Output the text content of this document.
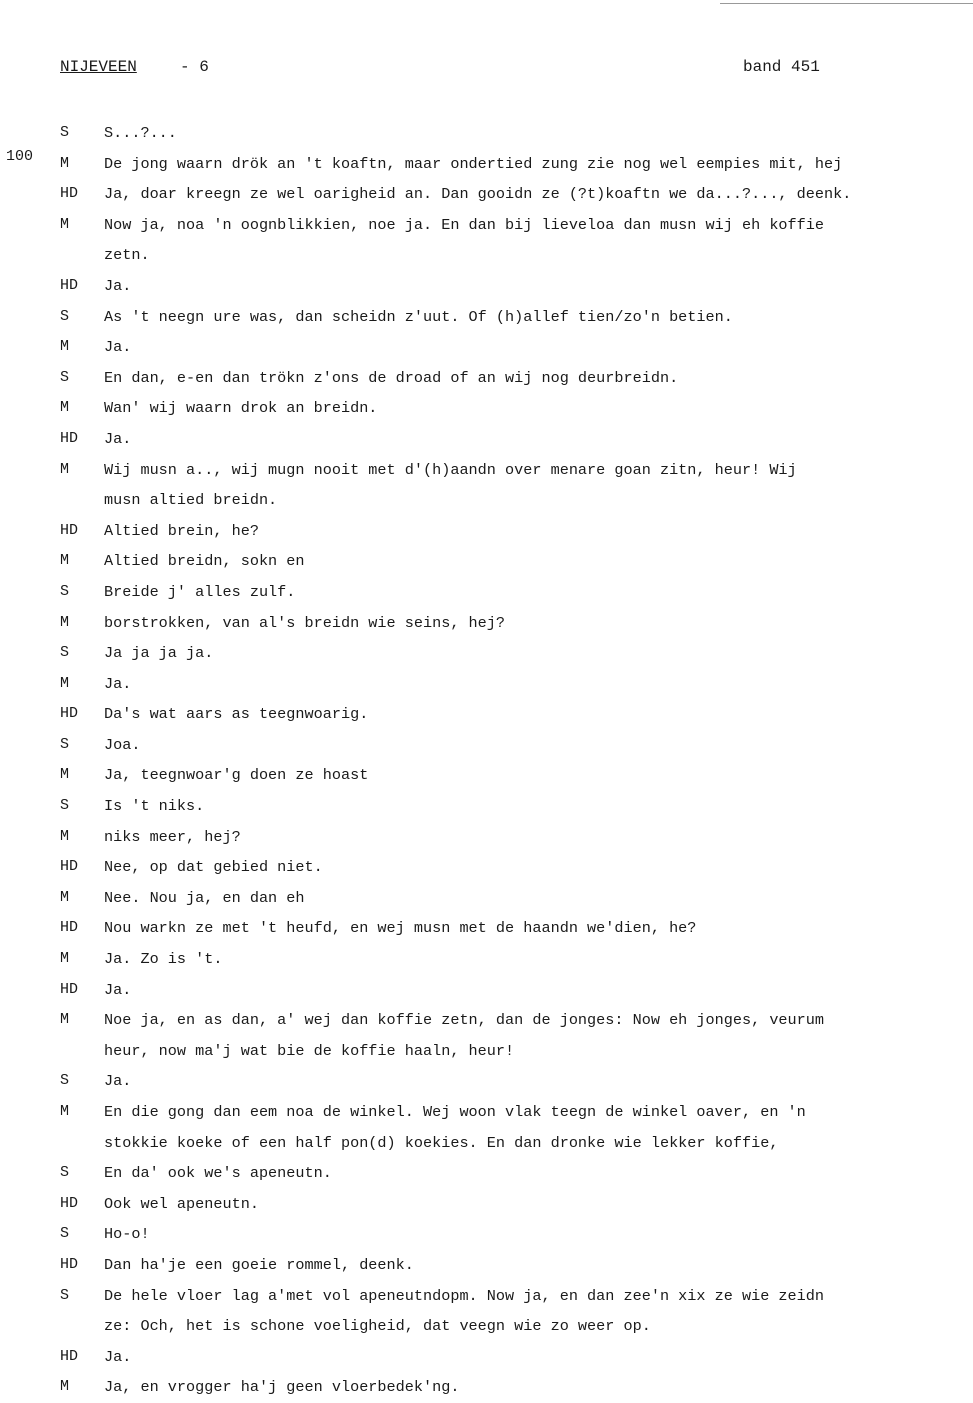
NIJEVEEN	- 6	band 451
100
S	S...?...
M	De jong waarn drök an 't koaftn, maar ondertied zung zie nog wel eempies mit, hej
HD	Ja, doar kreegn ze wel oarigheid an. Dan gooidn ze (?t)koaftn we da...?..., deenk.
M	Now ja, noa 'n oognblikkien, noe ja. En dan bij lieveloa dan musn wij eh koffie
zetn.
HD	Ja.
S	As 't neegn ure was, dan scheidn z'uut. Of (h)allef tien/zo'n betien.
M	Ja.
S	En dan, e-en dan trökn z'ons de droad of an wij nog deurbreidn.
M	Wan' wij waarn drok an breidn.
HD	Ja.
M	Wij musn a.., wij mugn nooit met d'(h)aandn over menare goan zitn, heur! Wij
musn altied breidn.
HD	Altied brein, he?
M	Altied breidn, sokn en
S	Breide j' alles zulf.
M	borstrokken, van al's breidn wie seins, hej?
S	Ja ja ja ja.
M	Ja.
HD	Da's wat aars as teegnwoarig.
S	Joa.
M	Ja, teegnwoar'g doen ze hoast
S	Is 't niks.
M	niks meer, hej?
HD	Nee, op dat gebied niet.
M	Nee. Nou ja, en dan eh
HD	Nou warkn ze met 't heufd, en wej musn met de haandn we'dien, he?
M	Ja. Zo is 't.
HD	Ja.
M	Noe ja, en as dan, a' wej dan koffie zetn, dan de jonges: Now eh jonges, veurum
heur, now ma'j wat bie de koffie haaln, heur!
S	Ja.
M	En die gong dan eem noa de winkel. Wej woon vlak teegn de winkel oaver, en 'n
stokkie koeke of een half pon(d) koekies. En dan dronke wie lekker koffie,
S	En da' ook we's apeneutn.
HD	Ook wel apeneutn.
S	Ho-o!
HD	Dan ha'je een goeie rommel, deenk.
S	De hele vloer lag a'met vol apeneutndopm. Now ja, en dan zee'n xix ze wie zeidn
ze: Och, het is schone voeligheid, dat veegn wie zo weer op.
HD	Ja.
M	Ja, en vrogger ha'j geen vloerbedek'ng.
